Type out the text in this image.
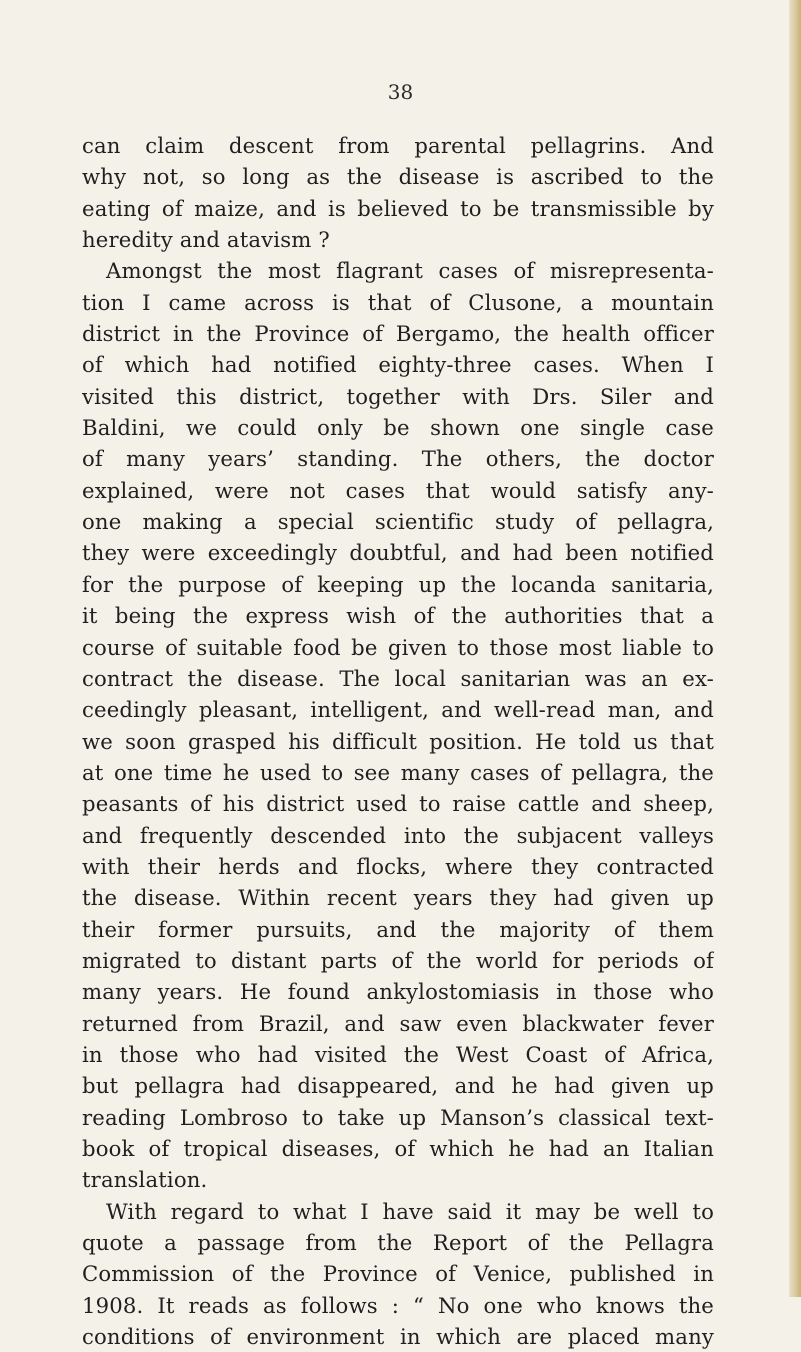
38
can claim descent from parental pellagrins. And
why not, so long as the disease is ascribed to the
eating of maize, and is believed to be transmissible by
heredity and atavism ?
Amongst the most flagrant cases of misrepresenta-
tion I came across is that of Clusone, a mountain
district in the Province of Bergamo, the health officer
of which had notified eighty-three cases. When I
visited this district, together with Drs. Siler and
Baldini, we could only be shown one single case
of many years’ standing. The others, the doctor
explained, were not cases that would satisfy any-
one making a special scientific study of pellagra,
they were exceedingly doubtful, and had been notified
for the purpose of keeping up the locanda sanitaria,
it being the express wish of the authorities that a
course of suitable food be given to those most liable to
contract the disease. The local sanitarian was an ex-
ceedingly pleasant, intelligent, and well-read man, and
we soon grasped his difficult position. He told us that
at one time he used to see many cases of pellagra, the
peasants of his district used to raise cattle and sheep,
and frequently descended into the subjacent valleys
with their herds and flocks, where they contracted
the disease. Within recent years they had given up
their former pursuits, and the majority of them
migrated to distant parts of the world for periods of
many years. He found ankylostomiasis in those who
returned from Brazil, and saw even blackwater fever
in those who had visited the West Coast of Africa,
but pellagra had disappeared, and he had given up
reading Lombroso to take up Manson’s classical text-
book of tropical diseases, of which he had an Italian
translation.
With regard to what I have said it may be well to
quote a passage from the Report of the Pellagra
Commission of the Province of Venice, published in
1908. It reads as follows : “ No one who knows the
conditions of environment in which are placed many
